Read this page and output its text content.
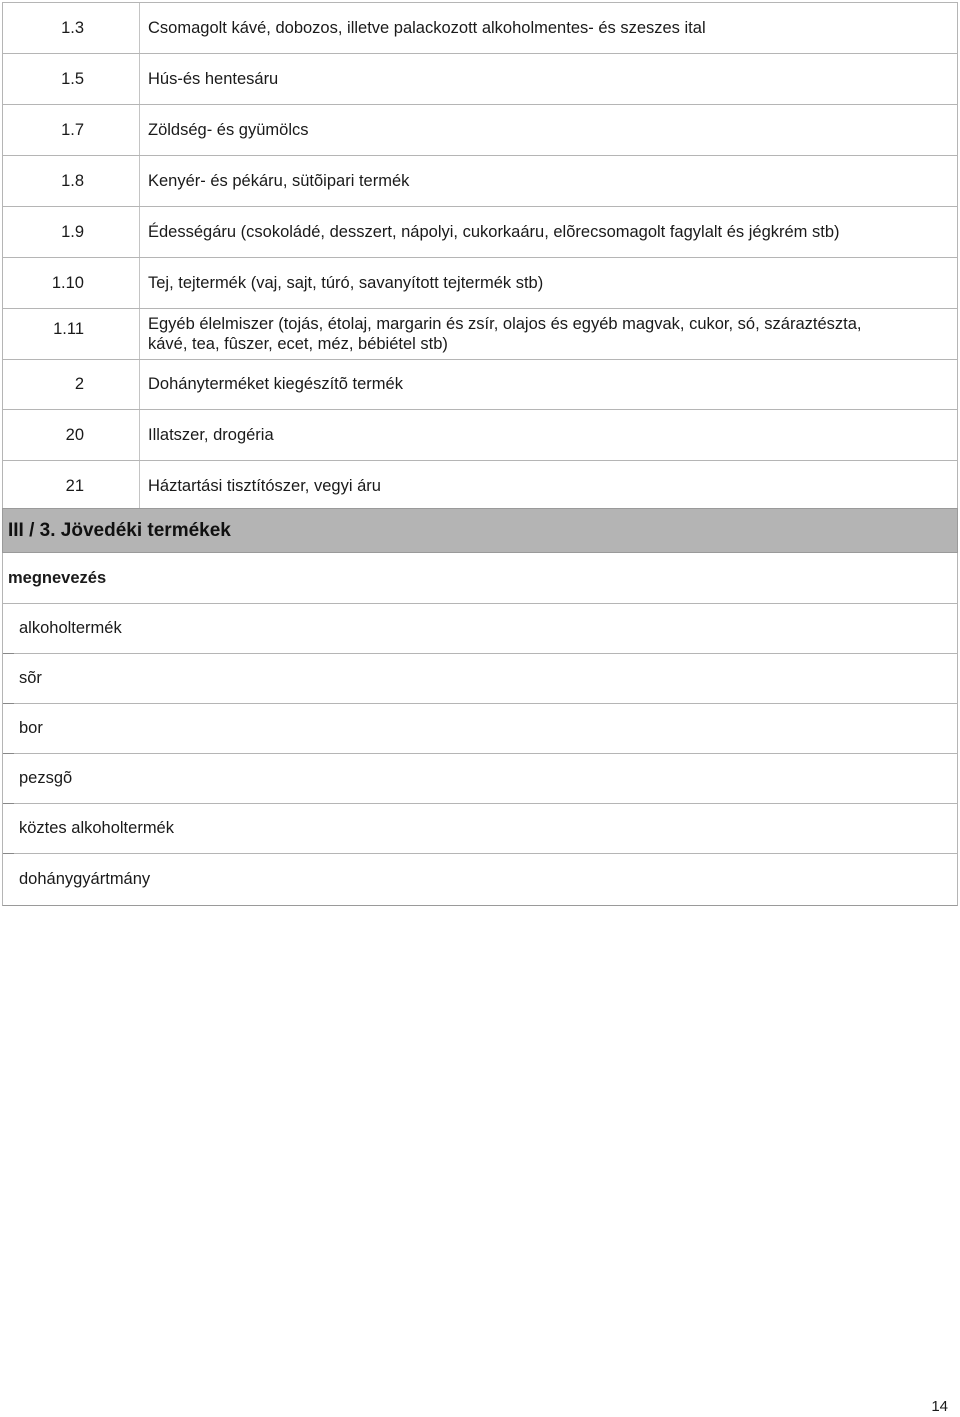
1.3	Csomagolt kávé, dobozos, illetve palackozott alkoholmentes- és szeszes ital
1.5	Hús-és hentesáru
1.7	Zöldség- és gyümölcs
1.8	Kenyér- és pékáru, sütõipari termék
1.9	Édességáru (csokoládé, desszert, nápolyi, cukorkaáru, elõrecsomagolt fagylalt és jégkrém stb)
1.10	Tej, tejtermék (vaj, sajt, túró, savanyított tejtermék stb)
1.11	Egyéb élelmiszer (tojás, étolaj, margarin és zsír, olajos és egyéb magvak, cukor, só, száraztészta,
kávé, tea, fûszer, ecet, méz, bébiétel stb)
2	Dohányterméket kiegészítõ termék
20	Illatszer, drogéria
21	Háztartási tisztítószer, vegyi áru
III / 3. Jövedéki termékek
megnevezés
alkoholtermék
sõr
bor
pezsgõ
köztes alkoholtermék
dohánygyártmány
14
